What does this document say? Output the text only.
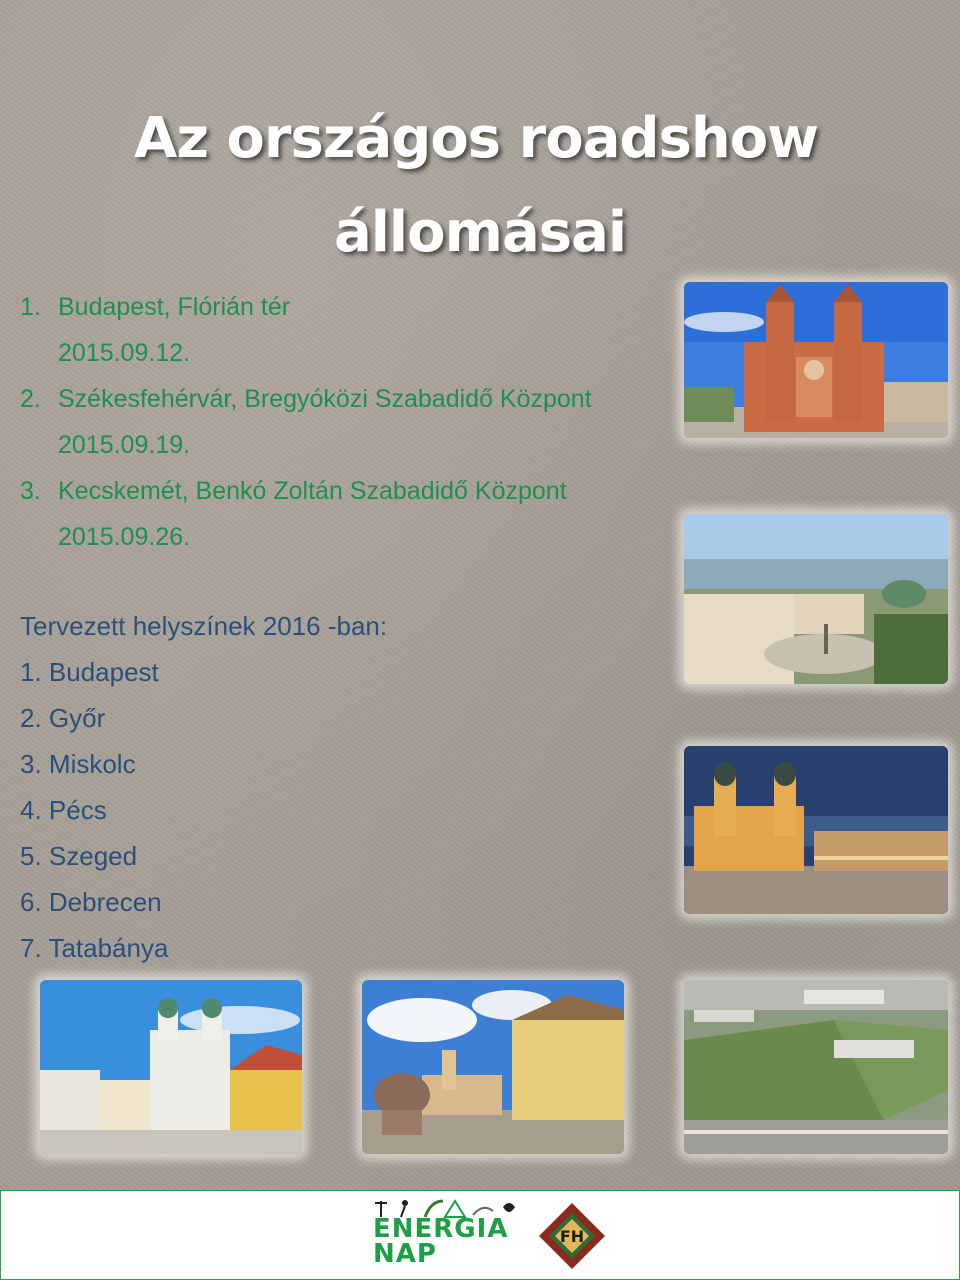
Az országos roadshow
állomásai
1. Budapest, Flórián tér
2015.09.12.
2. Székesfehérvár, Bregyóközi Szabadidő Központ
2015.09.19.
3. Kecskemét, Benkó Zoltán Szabadidő Központ
2015.09.26.
Tervezett helyszínek 2016 -ban:
1. Budapest
2. Győr
3. Miskolc
4. Pécs
5. Szeged
6. Debrecen
7. Tatabánya
ENERGIA
NAP
FH
